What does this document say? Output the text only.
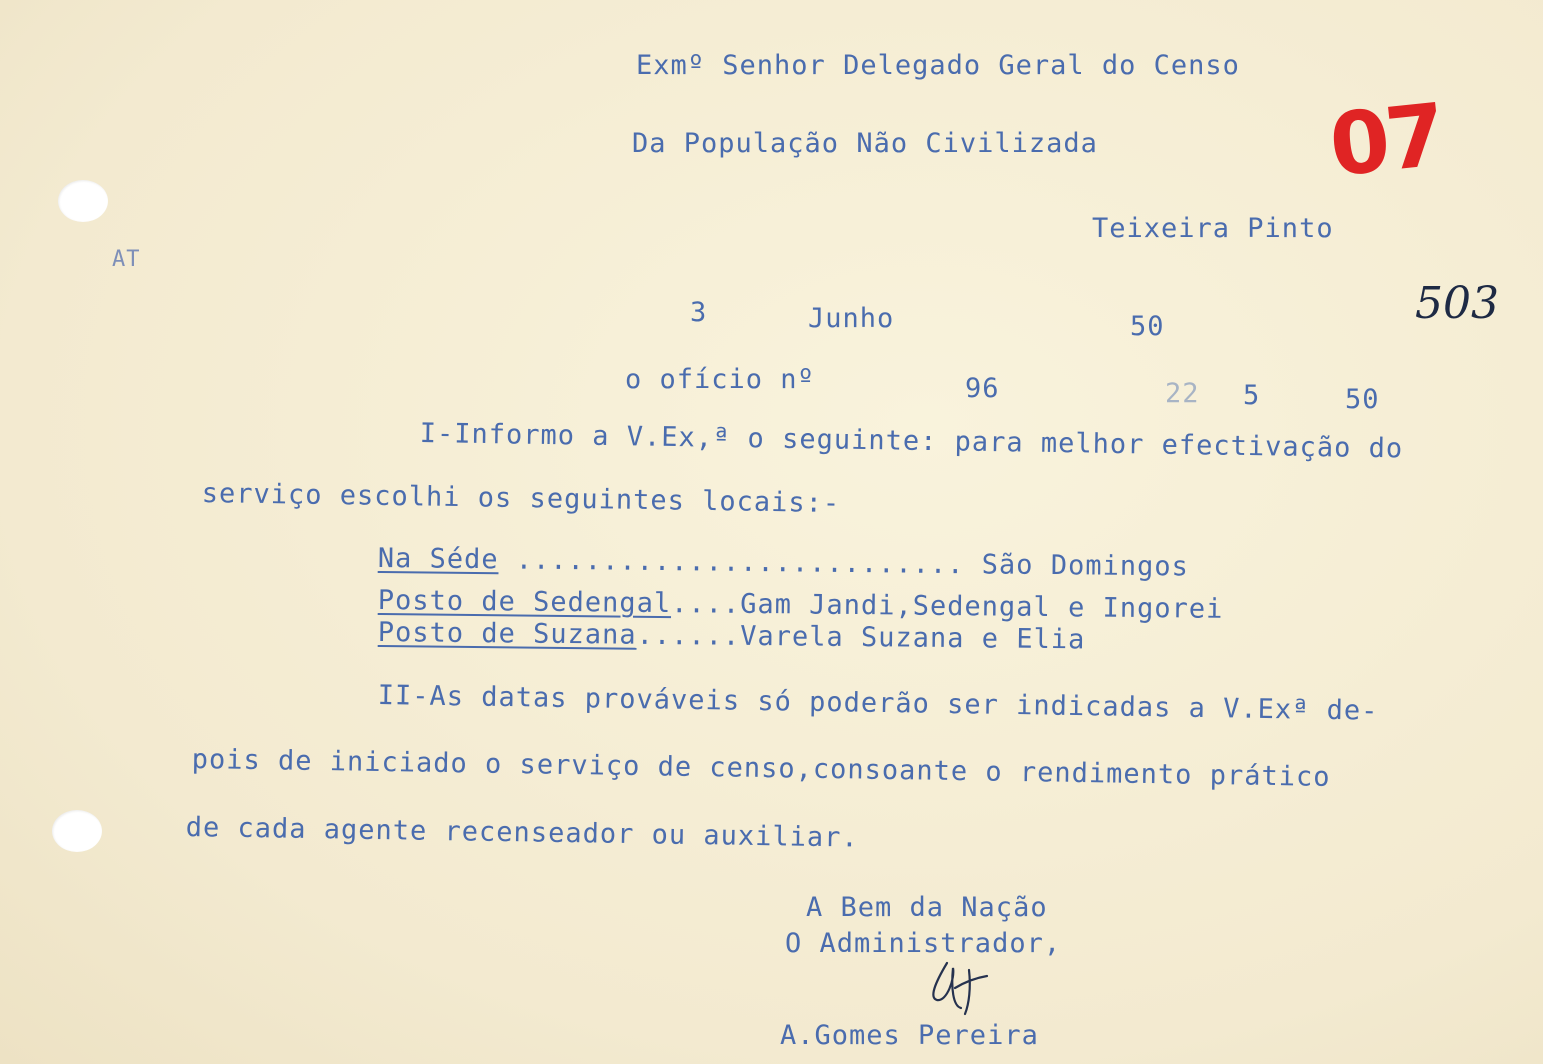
Exmº Senhor Delegado Geral do Censo
Da População Não Civilizada
Teixeira Pinto
AT
07
503
3	Junho	50
o ofício nº	96	22 5	50
I-Informo a V.Ex,ª o seguinte: para melhor efectivação do
serviço escolhi os seguintes locais:-
Na Séde .......................... São Domingos
Posto de Sedengal....Gam Jandi,Sedengal e Ingorei
Posto de Suzana......Varela Suzana e Elia
II-As datas prováveis só poderão ser indicadas a V.Exª de-
pois de iniciado o serviço de censo,consoante o rendimento prático
de cada agente recenseador ou auxiliar.
A Bem da Nação
O Administrador,
A.Gomes Pereira
